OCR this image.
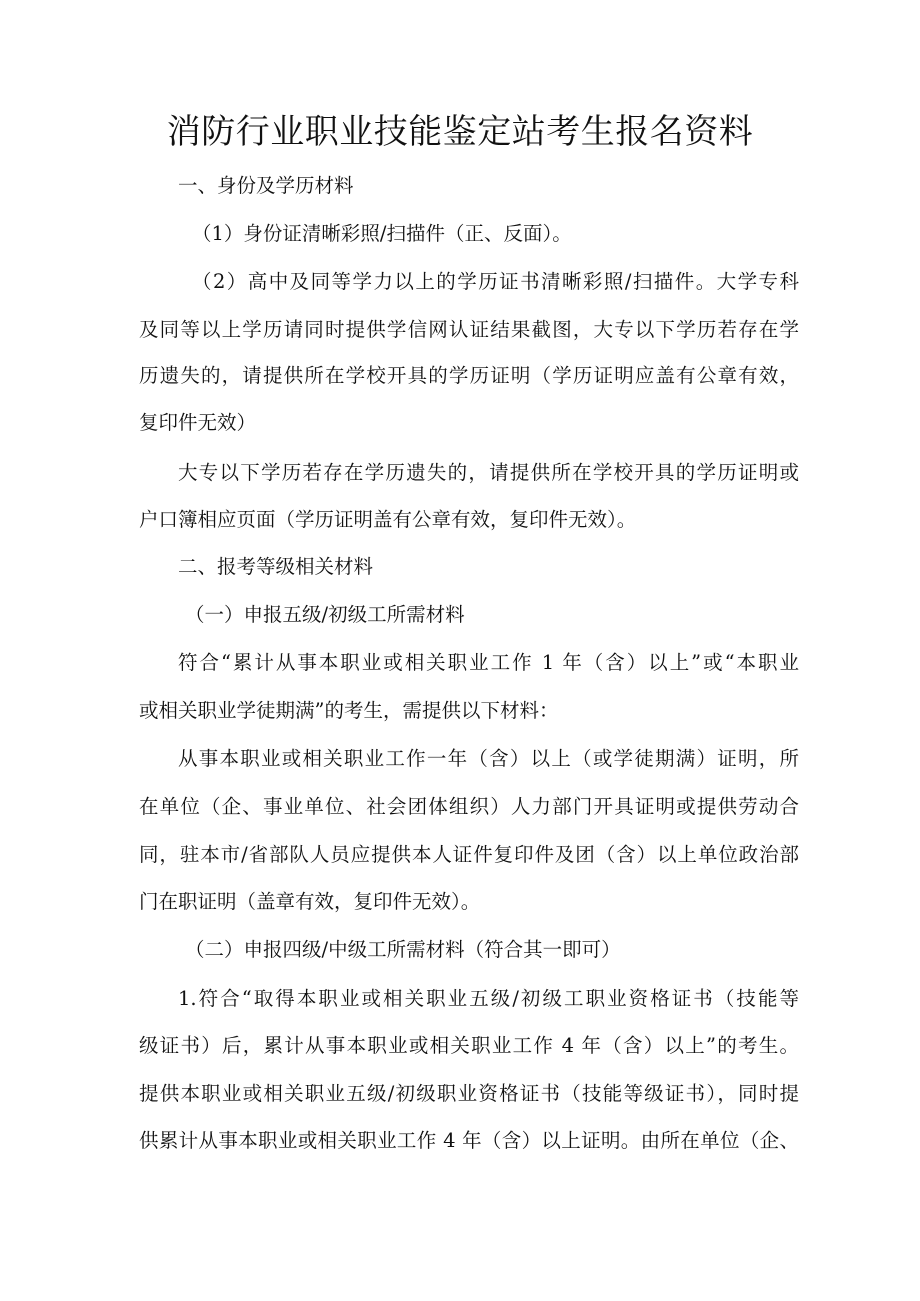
消防行业职业技能鉴定站考生报名资料
一、身份及学历材料
（1）身份证清晰彩照/扫描件（正、反面）。
（2）高中及同等学力以上的学历证书清晰彩照/扫描件。大学专科
及同等以上学历请同时提供学信网认证结果截图，大专以下学历若存在学
历遗失的，请提供所在学校开具的学历证明（学历证明应盖有公章有效，
复印件无效）
大专以下学历若存在学历遗失的，请提供所在学校开具的学历证明或
户口簿相应页面（学历证明盖有公章有效，复印件无效）。
二、报考等级相关材料
（一）申报五级/初级工所需材料
符合“累计从事本职业或相关职业工作 1 年（含）以上”或“本职业
或相关职业学徒期满”的考生，需提供以下材料：
从事本职业或相关职业工作一年（含）以上（或学徒期满）证明，所
在单位（企、事业单位、社会团体组织）人力部门开具证明或提供劳动合
同，驻本市/省部队人员应提供本人证件复印件及团（含）以上单位政治部
门在职证明（盖章有效，复印件无效）。
（二）申报四级/中级工所需材料（符合其一即可）
1.符合“取得本职业或相关职业五级/初级工职业资格证书（技能等
级证书）后，累计从事本职业或相关职业工作 4 年（含）以上”的考生。
提供本职业或相关职业五级/初级职业资格证书（技能等级证书），同时提
供累计从事本职业或相关职业工作 4 年（含）以上证明。由所在单位（企、
